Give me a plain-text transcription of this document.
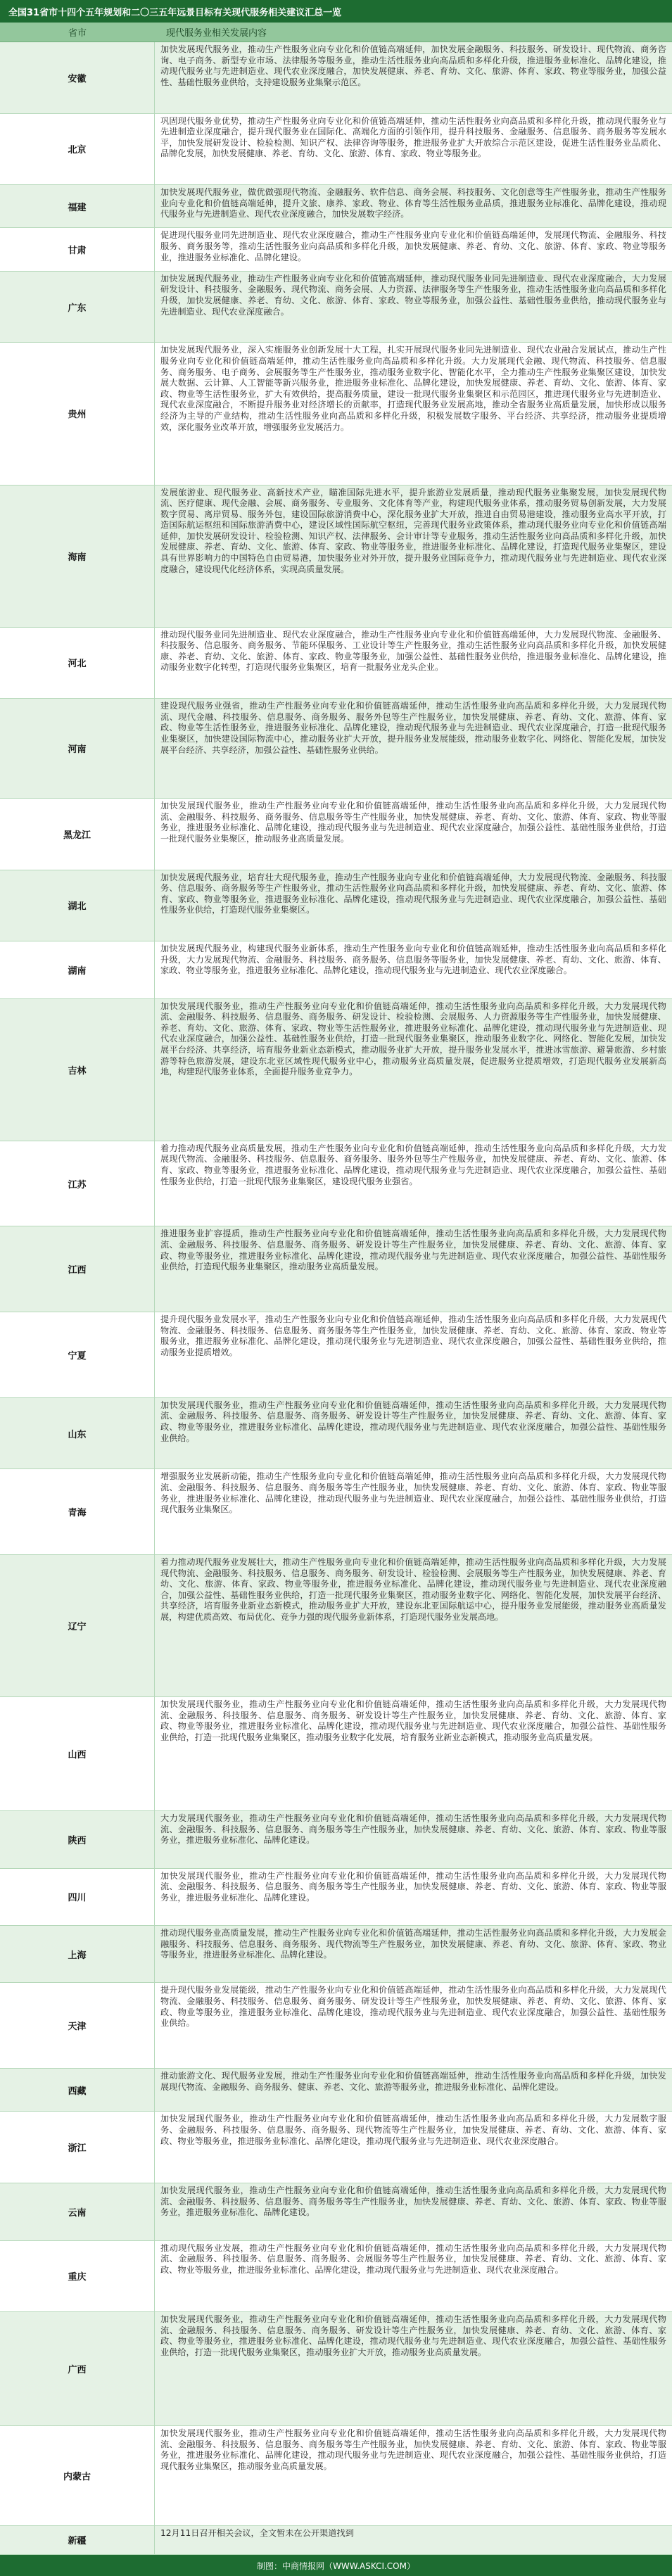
全国31省市十四个五年规划和二〇三五年远景目标有关现代服务相关建议汇总一览
省市	现代服务业相关发展内容
安徽
加快发展现代服务业，推动生产性服务业向专业化和价值链高端延伸，加快发展金融服务、科技服务、研发设计、现代物流、商务咨询、电子商务、新型专业市场、法律服务等服务业，推动生活性服务业向高品质和多样化升级，推进服务业标准化、品牌化建设，推动现代服务业与先进制造业、现代农业深度融合，加快发展健康、养老、育幼、文化、旅游、体育、家政、物业等服务业，加强公益性、基础性服务业供给，支持建设服务业集聚示范区。
北京
巩固现代服务业优势，推动生产性服务业向专业化和价值链高端延伸，推动生活性服务业向高品质和多样化升级，推动现代服务业与先进制造业深度融合，提升现代服务业在国际化、高端化方面的引领作用，提升科技服务、金融服务、信息服务、商务服务等发展水平，加快发展研发设计、检验检测、知识产权、法律咨询等服务，推进服务业扩大开放综合示范区建设，促进生活性服务业品质化、品牌化发展，加快发展健康、养老、育幼、文化、旅游、体育、家政、物业等服务业。
福建
加快发展现代服务业，做优做强现代物流、金融服务、软件信息、商务会展、科技服务、文化创意等生产性服务业，推动生产性服务业向专业化和价值链高端延伸，提升文旅、康养、家政、物业、体育等生活性服务业品质，推进服务业标准化、品牌化建设，推动现代服务业与先进制造业、现代农业深度融合，加快发展数字经济。
甘肃
促进现代服务业同先进制造业、现代农业深度融合，推动生产性服务业向专业化和价值链高端延伸，发展现代物流、金融服务、科技服务、商务服务等，推动生活性服务业向高品质和多样化升级，加快发展健康、养老、育幼、文化、旅游、体育、家政、物业等服务业，推进服务业标准化、品牌化建设。
广东
加快发展现代服务业，推动生产性服务业向专业化和价值链高端延伸，推动现代服务业同先进制造业、现代农业深度融合，大力发展研发设计、科技服务、金融服务、现代物流、商务会展、人力资源、法律服务等生产性服务业，推动生活性服务业向高品质和多样化升级，加快发展健康、养老、育幼、文化、旅游、体育、家政、物业等服务业，加强公益性、基础性服务业供给，推动现代服务业与先进制造业、现代农业深度融合。
贵州
加快发展现代服务业，深入实施服务业创新发展十大工程，扎实开展现代服务业同先进制造业、现代农业融合发展试点，推动生产性服务业向专业化和价值链高端延伸，推动生活性服务业向高品质和多样化升级。大力发展现代金融、现代物流、科技服务、信息服务、商务服务、电子商务、会展服务等生产性服务业，推动服务业数字化、智能化水平，全力推动生产性服务业集聚区建设，加快发展大数据、云计算、人工智能等新兴服务业，推进服务业标准化、品牌化建设，加快发展健康、养老、育幼、文化、旅游、体育、家政、物业等生活性服务业，扩大有效供给，提高服务质量，建设一批现代服务业集聚区和示范园区，推进现代服务业与先进制造业、现代农业深度融合，不断提升服务业对经济增长的贡献率，打造现代服务业发展高地，推动全省服务业高质量发展，加快形成以服务经济为主导的产业结构，推动生活性服务业向高品质和多样化升级，积极发展数字服务、平台经济、共享经济，推动服务业提质增效，深化服务业改革开放，增强服务业发展活力。
海南
发展旅游业、现代服务业、高新技术产业，瞄准国际先进水平，提升旅游业发展质量，推动现代服务业集聚发展，加快发展现代物流、医疗健康、现代金融、会展、商务服务、专业服务、文化体育等产业，构建现代服务业体系，推动服务贸易创新发展，大力发展数字贸易、离岸贸易、服务外包，建设国际旅游消费中心，深化服务业扩大开放，推进自由贸易港建设，推动服务业高水平开放，打造国际航运枢纽和国际旅游消费中心，建设区域性国际航空枢纽，完善现代服务业政策体系，推动现代服务业向专业化和价值链高端延伸，加快发展研发设计、检验检测、知识产权、法律服务、会计审计等专业服务，推动生活性服务业向高品质和多样化升级，加快发展健康、养老、育幼、文化、旅游、体育、家政、物业等服务业，推进服务业标准化、品牌化建设，打造现代服务业集聚区，建设具有世界影响力的中国特色自由贸易港，加快服务业对外开放，提升服务业国际竞争力，推动现代服务业与先进制造业、现代农业深度融合，建设现代化经济体系，实现高质量发展。
河北
推动现代服务业同先进制造业、现代农业深度融合，推动生产性服务业向专业化和价值链高端延伸，大力发展现代物流、金融服务、科技服务、信息服务、商务服务、节能环保服务、工业设计等生产性服务业，推动生活性服务业向高品质和多样化升级，加快发展健康、养老、育幼、文化、旅游、体育、家政、物业等服务业，加强公益性、基础性服务业供给，推进服务业标准化、品牌化建设，推动服务业数字化转型，打造现代服务业集聚区，培育一批服务业龙头企业。
河南
建设现代服务业强省，推动生产性服务业向专业化和价值链高端延伸，推动生活性服务业向高品质和多样化升级，大力发展现代物流、现代金融、科技服务、信息服务、商务服务、服务外包等生产性服务业，加快发展健康、养老、育幼、文化、旅游、体育、家政、物业等生活性服务业，推进服务业标准化、品牌化建设，推动现代服务业与先进制造业、现代农业深度融合，打造一批现代服务业集聚区，加快建设国际物流中心，推动服务业扩大开放，提升服务业发展能级，推动服务业数字化、网络化、智能化发展，加快发展平台经济、共享经济，加强公益性、基础性服务业供给。
黑龙江
加快发展现代服务业，推动生产性服务业向专业化和价值链高端延伸，推动生活性服务业向高品质和多样化升级，大力发展现代物流、金融服务、科技服务、商务服务、信息服务等生产性服务业，加快发展健康、养老、育幼、文化、旅游、体育、家政、物业等服务业，推进服务业标准化、品牌化建设，推动现代服务业与先进制造业、现代农业深度融合，加强公益性、基础性服务业供给，打造一批现代服务业集聚区，推动服务业高质量发展。
湖北
加快发展现代服务业，培育壮大现代服务业，推动生产性服务业向专业化和价值链高端延伸，大力发展现代物流、金融服务、科技服务、信息服务、商务服务等生产性服务业，推动生活性服务业向高品质和多样化升级，加快发展健康、养老、育幼、文化、旅游、体育、家政、物业等服务业，推进服务业标准化、品牌化建设，推动现代服务业与先进制造业、现代农业深度融合，加强公益性、基础性服务业供给，打造现代服务业集聚区。
湖南
加快发展现代服务业，构建现代服务业新体系，推动生产性服务业向专业化和价值链高端延伸，推动生活性服务业向高品质和多样化升级，大力发展现代物流、金融服务、科技服务、商务服务、信息服务等服务业，加快发展健康、养老、育幼、文化、旅游、体育、家政、物业等服务业，推进服务业标准化、品牌化建设，推动现代服务业与先进制造业、现代农业深度融合。
吉林
加快发展现代服务业，推动生产性服务业向专业化和价值链高端延伸，推动生活性服务业向高品质和多样化升级，大力发展现代物流、金融服务、科技服务、信息服务、商务服务、研发设计、检验检测、会展服务、人力资源服务等生产性服务业，加快发展健康、养老、育幼、文化、旅游、体育、家政、物业等生活性服务业，推进服务业标准化、品牌化建设，推动现代服务业与先进制造业、现代农业深度融合，加强公益性、基础性服务业供给，打造一批现代服务业集聚区，推动服务业数字化、网络化、智能化发展，加快发展平台经济、共享经济，培育服务业新业态新模式，推动服务业扩大开放，提升服务业发展水平，推进冰雪旅游、避暑旅游、乡村旅游等特色旅游发展，建设东北亚区域性现代服务业中心，推动服务业高质量发展，促进服务业提质增效，打造现代服务业发展新高地，构建现代服务业体系，全面提升服务业竞争力。
江苏
着力推动现代服务业高质量发展，推动生产性服务业向专业化和价值链高端延伸，推动生活性服务业向高品质和多样化升级，大力发展现代物流、金融服务、科技服务、信息服务、商务服务、服务外包等生产性服务业，加快发展健康、养老、育幼、文化、旅游、体育、家政、物业等服务业，推进服务业标准化、品牌化建设，推动现代服务业与先进制造业、现代农业深度融合，加强公益性、基础性服务业供给，打造一批现代服务业集聚区，建设现代服务业强省。
江西
推进服务业扩容提质，推动生产性服务业向专业化和价值链高端延伸，推动生活性服务业向高品质和多样化升级，大力发展现代物流、金融服务、科技服务、信息服务、商务服务、研发设计等生产性服务业，加快发展健康、养老、育幼、文化、旅游、体育、家政、物业等服务业，推进服务业标准化、品牌化建设，推动现代服务业与先进制造业、现代农业深度融合，加强公益性、基础性服务业供给，打造现代服务业集聚区，推动服务业高质量发展。
宁夏
提升现代服务业发展水平，推动生产性服务业向专业化和价值链高端延伸，推动生活性服务业向高品质和多样化升级，大力发展现代物流、金融服务、科技服务、信息服务、商务服务等生产性服务业，加快发展健康、养老、育幼、文化、旅游、体育、家政、物业等服务业，推进服务业标准化、品牌化建设，推动现代服务业与先进制造业、现代农业深度融合，加强公益性、基础性服务业供给，推动服务业提质增效。
山东
加快发展现代服务业，推动生产性服务业向专业化和价值链高端延伸，推动生活性服务业向高品质和多样化升级，大力发展现代物流、金融服务、科技服务、信息服务、商务服务、研发设计等生产性服务业，加快发展健康、养老、育幼、文化、旅游、体育、家政、物业等服务业，推进服务业标准化、品牌化建设，推动现代服务业与先进制造业、现代农业深度融合，加强公益性、基础性服务业供给。
青海
增强服务业发展新动能，推动生产性服务业向专业化和价值链高端延伸，推动生活性服务业向高品质和多样化升级，大力发展现代物流、金融服务、科技服务、信息服务、商务服务等生产性服务业，加快发展健康、养老、育幼、文化、旅游、体育、家政、物业等服务业，推进服务业标准化、品牌化建设，推动现代服务业与先进制造业、现代农业深度融合，加强公益性、基础性服务业供给，打造现代服务业集聚区。
辽宁
着力推动现代服务业发展壮大，推动生产性服务业向专业化和价值链高端延伸，推动生活性服务业向高品质和多样化升级，大力发展现代物流、金融服务、科技服务、信息服务、商务服务、研发设计、检验检测、会展服务等生产性服务业，加快发展健康、养老、育幼、文化、旅游、体育、家政、物业等服务业，推进服务业标准化、品牌化建设，推动现代服务业与先进制造业、现代农业深度融合，加强公益性、基础性服务业供给，打造一批现代服务业集聚区，推动服务业数字化、网络化、智能化发展，加快发展平台经济、共享经济，培育服务业新业态新模式，推动服务业扩大开放，建设东北亚国际航运中心，提升服务业发展能级，推动服务业高质量发展，构建优质高效、布局优化、竞争力强的现代服务业新体系，打造现代服务业发展高地。
山西
加快发展现代服务业，推动生产性服务业向专业化和价值链高端延伸，推动生活性服务业向高品质和多样化升级，大力发展现代物流、金融服务、科技服务、信息服务、商务服务、研发设计等生产性服务业，加快发展健康、养老、育幼、文化、旅游、体育、家政、物业等服务业，推进服务业标准化、品牌化建设，推动现代服务业与先进制造业、现代农业深度融合，加强公益性、基础性服务业供给，打造一批现代服务业集聚区，推动服务业数字化发展，培育服务业新业态新模式，推动服务业高质量发展。
陕西
大力发展现代服务业，推动生产性服务业向专业化和价值链高端延伸，推动生活性服务业向高品质和多样化升级，大力发展现代物流、金融服务、科技服务、信息服务、商务服务等生产性服务业，加快发展健康、养老、育幼、文化、旅游、体育、家政、物业等服务业，推进服务业标准化、品牌化建设。
四川
加快发展现代服务业，推动生产性服务业向专业化和价值链高端延伸，推动生活性服务业向高品质和多样化升级，大力发展现代物流、金融服务、科技服务、信息服务、商务服务等生产性服务业，加快发展健康、养老、育幼、文化、旅游、体育、家政、物业等服务业，推进服务业标准化、品牌化建设。
上海
推动现代服务业高质量发展，推动生产性服务业向专业化和价值链高端延伸，推动生活性服务业向高品质和多样化升级，大力发展金融服务、科技服务、信息服务、商务服务、现代物流等生产性服务业，加快发展健康、养老、育幼、文化、旅游、体育、家政、物业等服务业，推进服务业标准化、品牌化建设。
天津
提升现代服务业发展能级，推动生产性服务业向专业化和价值链高端延伸，推动生活性服务业向高品质和多样化升级，大力发展现代物流、金融服务、科技服务、信息服务、商务服务、研发设计等生产性服务业，加快发展健康、养老、育幼、文化、旅游、体育、家政、物业等服务业，推进服务业标准化、品牌化建设，推动现代服务业与先进制造业、现代农业深度融合，加强公益性、基础性服务业供给。
西藏
推动旅游文化、现代服务业发展，推动生产性服务业向专业化和价值链高端延伸，推动生活性服务业向高品质和多样化升级，加快发展现代物流、金融服务、商务服务、健康、养老、文化、旅游等服务业，推进服务业标准化、品牌化建设。
浙江
加快发展现代服务业，推动生产性服务业向专业化和价值链高端延伸，推动生活性服务业向高品质和多样化升级，大力发展数字服务、金融服务、科技服务、信息服务、商务服务、现代物流等生产性服务业，加快发展健康、养老、育幼、文化、旅游、体育、家政、物业等服务业，推进服务业标准化、品牌化建设，推动现代服务业与先进制造业、现代农业深度融合。
云南
加快发展现代服务业，推动生产性服务业向专业化和价值链高端延伸，推动生活性服务业向高品质和多样化升级，大力发展现代物流、金融服务、科技服务、信息服务、商务服务等生产性服务业，加快发展健康、养老、育幼、文化、旅游、体育、家政、物业等服务业，推进服务业标准化、品牌化建设。
重庆
推动现代服务业发展，推动生产性服务业向专业化和价值链高端延伸，推动生活性服务业向高品质和多样化升级，大力发展现代物流、金融服务、科技服务、信息服务、商务服务、会展服务等生产性服务业，加快发展健康、养老、育幼、文化、旅游、体育、家政、物业等服务业，推进服务业标准化、品牌化建设，推动现代服务业与先进制造业、现代农业深度融合。
广西
加快发展现代服务业，推动生产性服务业向专业化和价值链高端延伸，推动生活性服务业向高品质和多样化升级，大力发展现代物流、金融服务、科技服务、信息服务、商务服务、研发设计等生产性服务业，加快发展健康、养老、育幼、文化、旅游、体育、家政、物业等服务业，推进服务业标准化、品牌化建设，推动现代服务业与先进制造业、现代农业深度融合，加强公益性、基础性服务业供给，打造一批现代服务业集聚区，推动服务业扩大开放，推动服务业高质量发展。
内蒙古
加快发展现代服务业，推动生产性服务业向专业化和价值链高端延伸，推动生活性服务业向高品质和多样化升级，大力发展现代物流、金融服务、科技服务、信息服务、商务服务等生产性服务业，加快发展健康、养老、育幼、文化、旅游、体育、家政、物业等服务业，推进服务业标准化、品牌化建设，推动现代服务业与先进制造业、现代农业深度融合，加强公益性、基础性服务业供给，打造现代服务业集聚区，推动服务业高质量发展。
新疆
12月11日召开相关会议，全文暂未在公开渠道找到
制图：中商情报网（WWW.ASKCI.COM）
